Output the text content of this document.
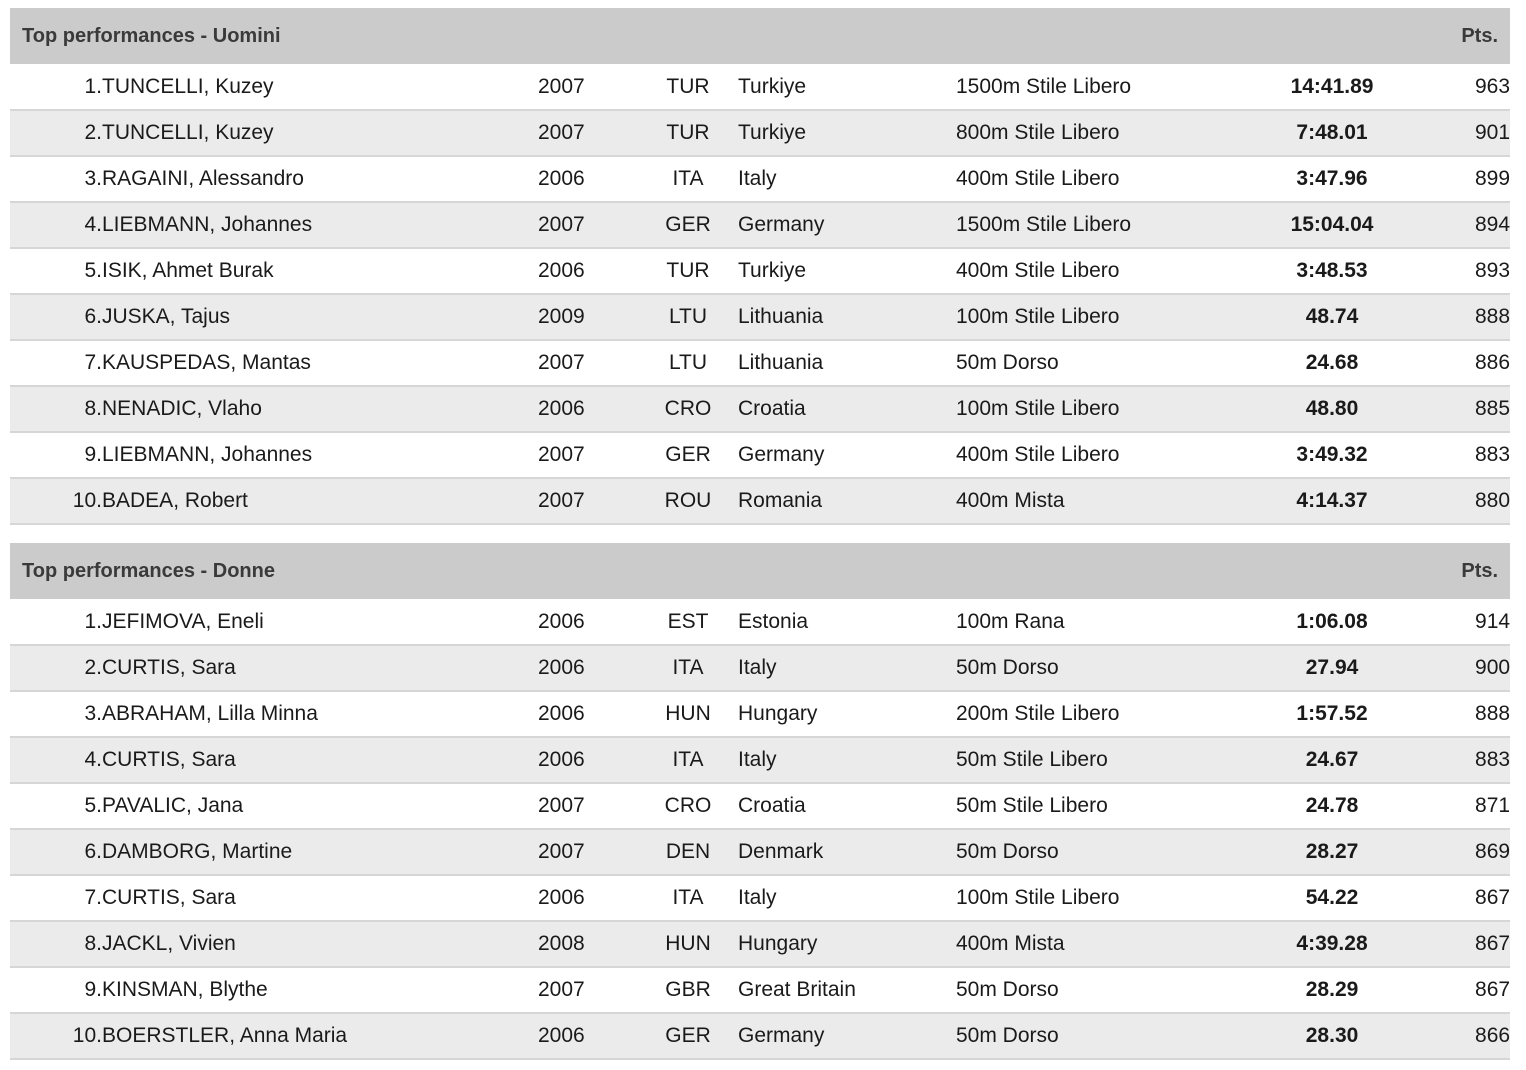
Top performances - Uomini							Pts.
1.	TUNCELLI, Kuzey	2007	TUR	Turkiye	1500m Stile Libero	14:41.89	963
2.	TUNCELLI, Kuzey	2007	TUR	Turkiye	800m Stile Libero	7:48.01	901
3.	RAGAINI, Alessandro	2006	ITA	Italy	400m Stile Libero	3:47.96	899
4.	LIEBMANN, Johannes	2007	GER	Germany	1500m Stile Libero	15:04.04	894
5.	ISIK, Ahmet Burak	2006	TUR	Turkiye	400m Stile Libero	3:48.53	893
6.	JUSKA, Tajus	2009	LTU	Lithuania	100m Stile Libero	48.74	888
7.	KAUSPEDAS, Mantas	2007	LTU	Lithuania	50m Dorso	24.68	886
8.	NENADIC, Vlaho	2006	CRO	Croatia	100m Stile Libero	48.80	885
9.	LIEBMANN, Johannes	2007	GER	Germany	400m Stile Libero	3:49.32	883
10.	BADEA, Robert	2007	ROU	Romania	400m Mista	4:14.37	880
Top performances - Donne							Pts.
1.	JEFIMOVA, Eneli	2006	EST	Estonia	100m Rana	1:06.08	914
2.	CURTIS, Sara	2006	ITA	Italy	50m Dorso	27.94	900
3.	ABRAHAM, Lilla Minna	2006	HUN	Hungary	200m Stile Libero	1:57.52	888
4.	CURTIS, Sara	2006	ITA	Italy	50m Stile Libero	24.67	883
5.	PAVALIC, Jana	2007	CRO	Croatia	50m Stile Libero	24.78	871
6.	DAMBORG, Martine	2007	DEN	Denmark	50m Dorso	28.27	869
7.	CURTIS, Sara	2006	ITA	Italy	100m Stile Libero	54.22	867
8.	JACKL, Vivien	2008	HUN	Hungary	400m Mista	4:39.28	867
9.	KINSMAN, Blythe	2007	GBR	Great Britain	50m Dorso	28.29	867
10.	BOERSTLER, Anna Maria	2006	GER	Germany	50m Dorso	28.30	866
